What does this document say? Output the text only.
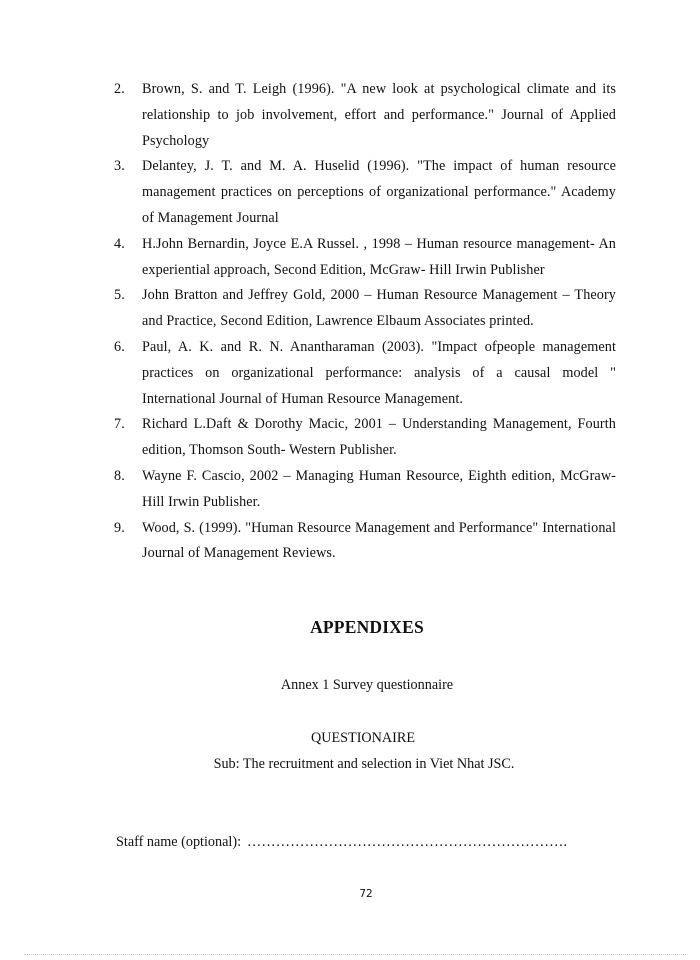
2.	Brown, S. and T. Leigh (1996). "A new look at psychological climate and its relationship to job involvement, effort and performance." Journal of Applied Psychology
3.	Delantey, J. T. and M. A. Huselid (1996). "The impact of human resource management practices on perceptions of organizational performance." Academy of Management Journal
4.	H.John Bernardin, Joyce E.A Russel. , 1998 – Human resource management- An experiential approach, Second Edition, McGraw- Hill Irwin Publisher
5.	John Bratton and Jeffrey Gold, 2000 – Human Resource Management – Theory and Practice, Second Edition, Lawrence Elbaum Associates printed.
6.	Paul, A. K. and R. N. Anantharaman (2003). "Impact ofpeople management practices on organizational performance: analysis of a causal model " International Journal of Human Resource Management.
7.	Richard L.Daft & Dorothy Macic, 2001 – Understanding Management, Fourth edition, Thomson South- Western Publisher.
8.	Wayne F. Cascio, 2002 – Managing Human Resource, Eighth edition, McGraw- Hill Irwin Publisher.
9.	Wood, S. (1999). "Human Resource Management and Performance" International Journal of Management Reviews.
APPENDIXES
Annex 1 Survey questionnaire
QUESTIONAIRE
Sub: The recruitment and selection in Viet Nhat JSC.
Staff name (optional): ………………………………………………………….
72
